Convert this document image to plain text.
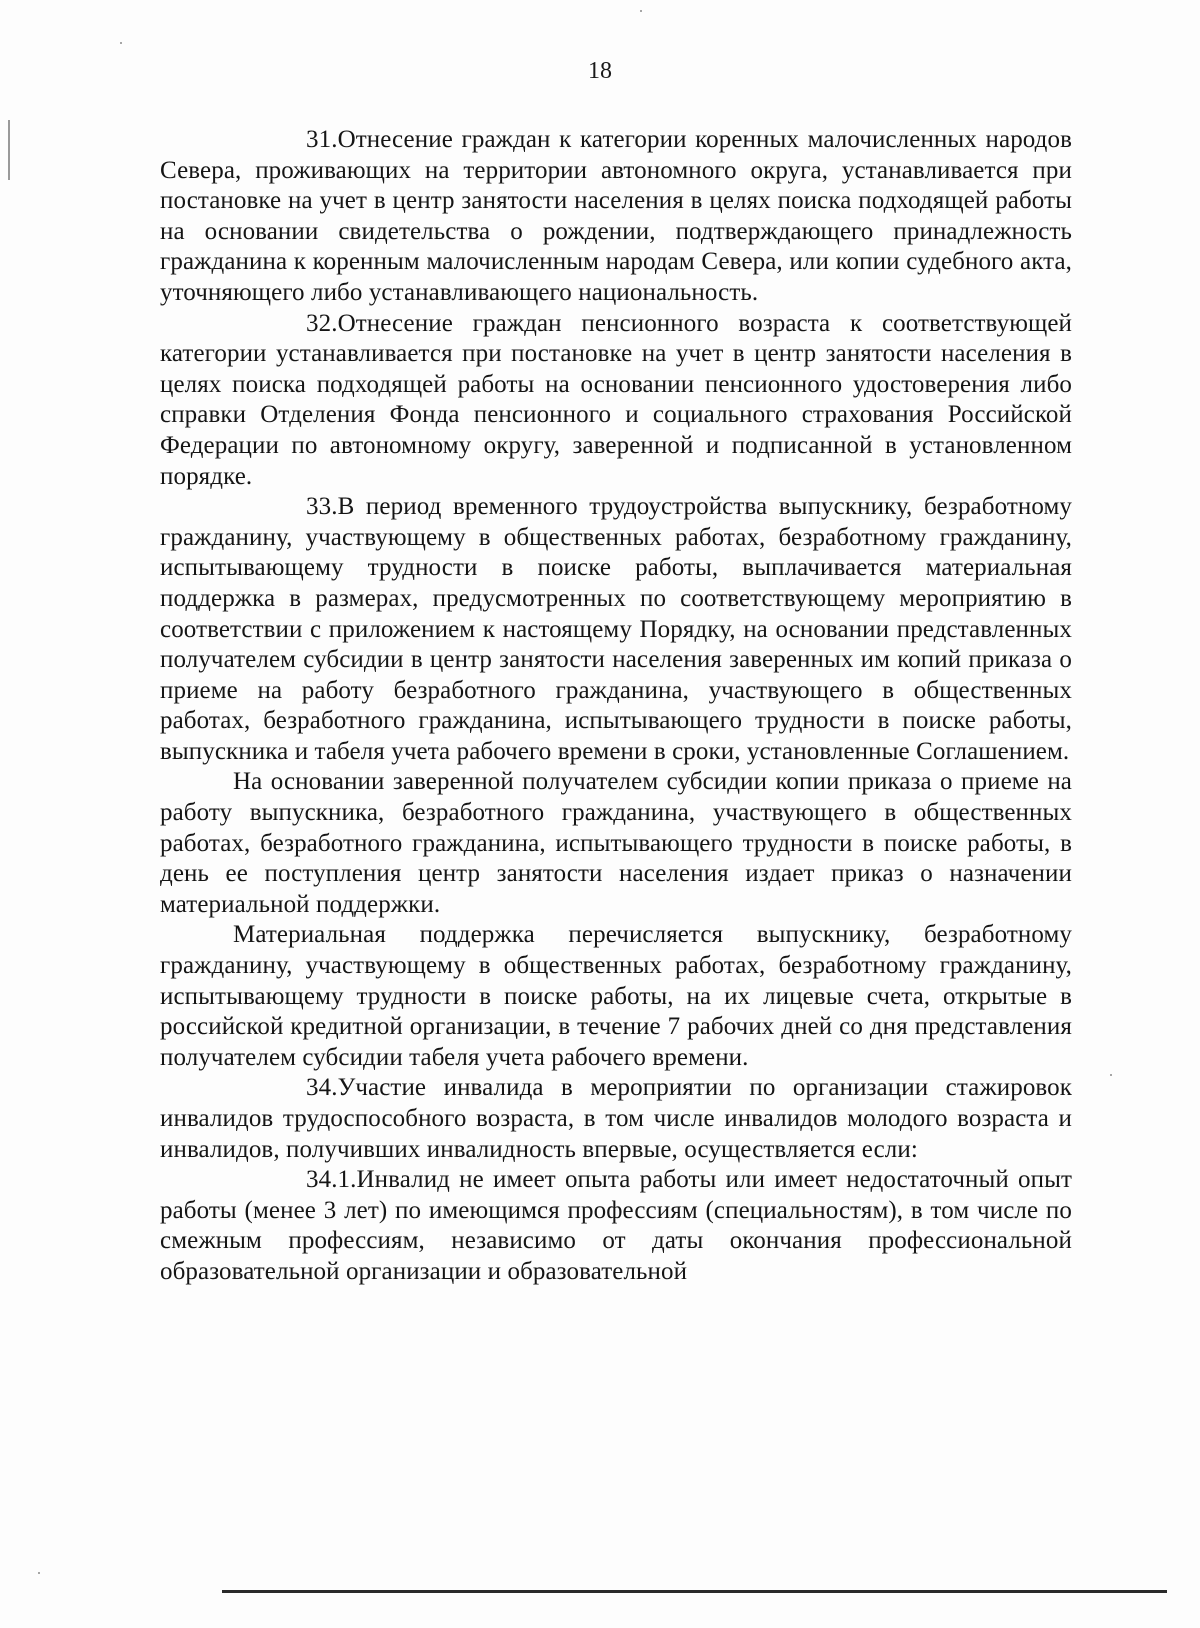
18

31.Отнесение граждан к категории коренных малочисленных народов Севера, проживающих на территории автономного округа, устанавливается при постановке на учет в центр занятости населения в целях поиска подходящей работы на основании свидетельства о рождении, подтверждающего принадлежность гражданина к коренным малочисленным народам Севера, или копии судебного акта, уточняющего либо устанавливающего национальность.

32.Отнесение граждан пенсионного возраста к соответствующей категории устанавливается при постановке на учет в центр занятости населения в целях поиска подходящей работы на основании пенсионного удостоверения либо справки Отделения Фонда пенсионного и социального страхования Российской Федерации по автономному округу, заверенной и подписанной в установленном порядке.

33.В период временного трудоустройства выпускнику, безработному гражданину, участвующему в общественных работах, безработному гражданину, испытывающему трудности в поиске работы, выплачивается материальная поддержка в размерах, предусмотренных по соответствующему мероприятию в соответствии с приложением к настоящему Порядку, на основании представленных получателем субсидии в центр занятости населения заверенных им копий приказа о приеме на работу безработного гражданина, участвующего в общественных работах, безработного гражданина, испытывающего трудности в поиске работы, выпускника и табеля учета рабочего времени в сроки, установленные Соглашением.

На основании заверенной получателем субсидии копии приказа о приеме на работу выпускника, безработного гражданина, участвующего в общественных работах, безработного гражданина, испытывающего трудности в поиске работы, в день ее поступления центр занятости населения издает приказ о назначении материальной поддержки.

Материальная поддержка перечисляется выпускнику, безработному гражданину, участвующему в общественных работах, безработному гражданину, испытывающему трудности в поиске работы, на их лицевые счета, открытые в российской кредитной организации, в течение 7 рабочих дней со дня представления получателем субсидии табеля учета рабочего времени.

34.Участие инвалида в мероприятии по организации стажировок инвалидов трудоспособного возраста, в том числе инвалидов молодого возраста и инвалидов, получивших инвалидность впервые, осуществляется если:

34.1.Инвалид не имеет опыта работы или имеет недостаточный опыт работы (менее 3 лет) по имеющимся профессиям (специальностям), в том числе по смежным профессиям, независимо от даты окончания профессиональной образовательной организации и образовательной
